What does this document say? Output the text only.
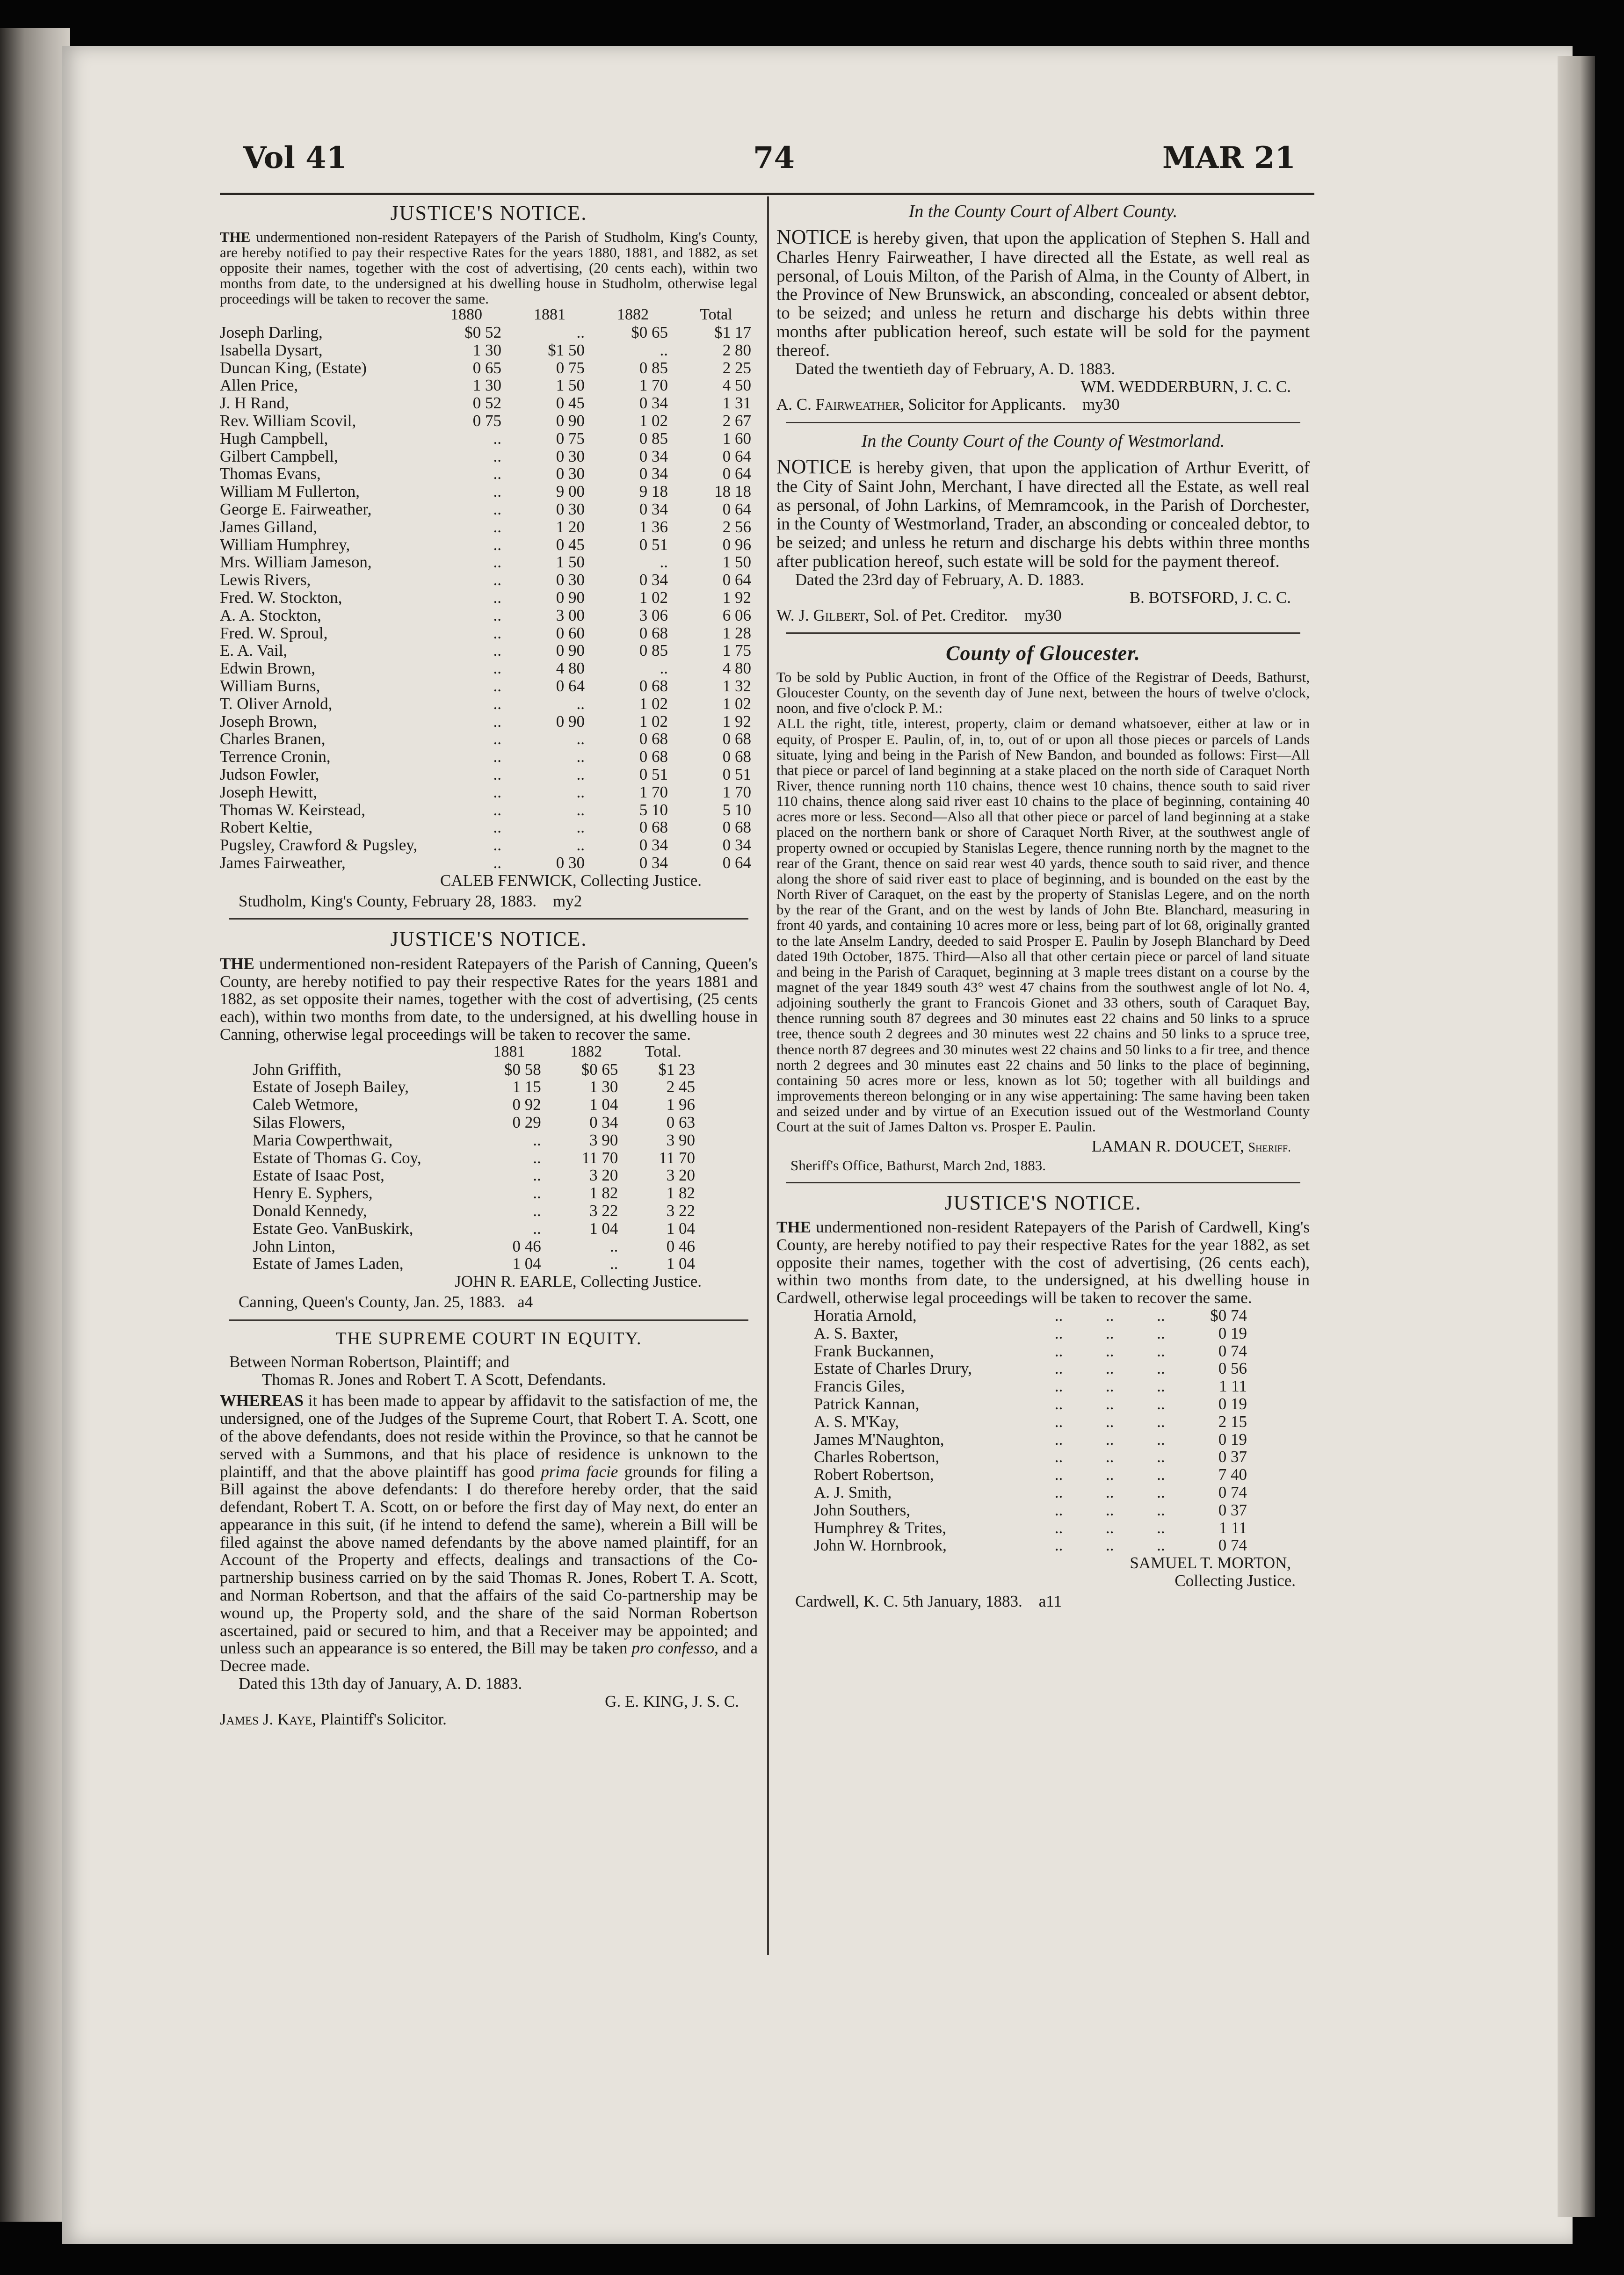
Vol 41	74	MAR 21
JUSTICE'S NOTICE.

THE undermentioned non-resident Ratepayers of the Parish of Studholm, King's County, are hereby notified to pay their respective Rates for the years 1880, 1881, and 1882, as set opposite their names, together with the cost of advertising, (20 cents each), within two months from date, to the undersigned at his dwelling house in Studholm, otherwise legal proceedings will be taken to recover the same.

	1880	1881	1882	Total
Joseph Darling,	$0 52	..	$0 65	$1 17
Isabella Dysart,	1 30	$1 50	..	2 80
Duncan King, (Estate)	0 65	0 75	0 85	2 25
Allen Price,	1 30	1 50	1 70	4 50
J. H Rand,	0 52	0 45	0 34	1 31
Rev. William Scovil,	0 75	0 90	1 02	2 67
Hugh Campbell,	..	0 75	0 85	1 60
Gilbert Campbell,	..	0 30	0 34	0 64
Thomas Evans,	..	0 30	0 34	0 64
William M Fullerton,	..	9 00	9 18	18 18
George E. Fairweather,	..	0 30	0 34	0 64
James Gilland,	..	1 20	1 36	2 56
William Humphrey,	..	0 45	0 51	0 96
Mrs. William Jameson,	..	1 50	..	1 50
Lewis Rivers,	..	0 30	0 34	0 64
Fred. W. Stockton,	..	0 90	1 02	1 92
A. A. Stockton,	..	3 00	3 06	6 06
Fred. W. Sproul,	..	0 60	0 68	1 28
E. A. Vail,	..	0 90	0 85	1 75
Edwin Brown,	..	4 80	..	4 80
William Burns,	..	0 64	0 68	1 32
T. Oliver Arnold,	..	..	1 02	1 02
Joseph Brown,	..	0 90	1 02	1 92
Charles Branen,	..	..	0 68	0 68
Terrence Cronin,	..	..	0 68	0 68
Judson Fowler,	..	..	0 51	0 51
Joseph Hewitt,	..	..	1 70	1 70
Thomas W. Keirstead,	..	..	5 10	5 10
Robert Keltie,	..	..	0 68	0 68
Pugsley, Crawford & Pugsley,	..	..	0 34	0 34
James Fairweather,	..	0 30	0 34	0 64
CALEB FENWICK, Collecting Justice.
Studholm, King's County, February 28, 1883. my2
JUSTICE'S NOTICE.

THE undermentioned non-resident Ratepayers of the Parish of Canning, Queen's County, are hereby notified to pay their respective Rates for the years 1881 and 1882, as set opposite their names, together with the cost of advertising, (25 cents each), within two months from date, to the undersigned, at his dwelling house in Canning, otherwise legal proceedings will be taken to recover the same.

	1881	1882	Total.
John Griffith,	$0 58	$0 65	$1 23
Estate of Joseph Bailey,	1 15	1 30	2 45
Caleb Wetmore,	0 92	1 04	1 96
Silas Flowers,	0 29	0 34	0 63
Maria Cowperthwait,	..	3 90	3 90
Estate of Thomas G. Coy,	..	11 70	11 70
Estate of Isaac Post,	..	3 20	3 20
Henry E. Syphers,	..	1 82	1 82
Donald Kennedy,	..	3 22	3 22
Estate Geo. VanBuskirk,	..	1 04	1 04
John Linton,	0 46	..	0 46
Estate of James Laden,	1 04	..	1 04
JOHN R. EARLE, Collecting Justice.
Canning, Queen's County, Jan. 25, 1883. a4
THE SUPREME COURT IN EQUITY.
Between Norman Robertson, Plaintiff; and
Thomas R. Jones and Robert T. A Scott, Defendants.

WHEREAS it has been made to appear by affidavit to the satisfaction of me, the undersigned, one of the Judges of the Supreme Court, that Robert T. A. Scott, one of the above defendants, does not reside within the Province, so that he cannot be served with a Summons, and that his place of residence is unknown to the plaintiff, and that the above plaintiff has good prima facie grounds for filing a Bill against the above defendants: I do therefore hereby order, that the said defendant, Robert T. A. Scott, on or before the first day of May next, do enter an appearance in this suit, (if he intend to defend the same), wherein a Bill will be filed against the above named defendants by the above named plaintiff, for an Account of the Property and effects, dealings and transactions of the Co-partnership business carried on by the said Thomas R. Jones, Robert T. A. Scott, and Norman Robertson, and that the affairs of the said Co-partnership may be wound up, the Property sold, and the share of the said Norman Robertson ascertained, paid or secured to him, and that a Receiver may be appointed; and unless such an appearance is so entered, the Bill may be taken pro confesso, and a Decree made.

Dated this 13th day of January, A. D. 1883.

G. E. KING, J. S. C.
James J. Kaye, Plaintiff's Solicitor.
In the County Court of Albert County.

NOTICE is hereby given, that upon the application of Stephen S. Hall and Charles Henry Fairweather, I have directed all the Estate, as well real as personal, of Louis Milton, of the Parish of Alma, in the County of Albert, in the Province of New Brunswick, an absconding, concealed or absent debtor, to be seized; and unless he return and discharge his debts within three months after publication hereof, such estate will be sold for the payment thereof.

Dated the twentieth day of February, A. D. 1883.

WM. WEDDERBURN, J. C. C.
A. C. Fairweather, Solicitor for Applicants. my30
In the County Court of the County of Westmorland.

NOTICE is hereby given, that upon the application of Arthur Everitt, of the City of Saint John, Merchant, I have directed all the Estate, as well real as personal, of John Larkins, of Memramcook, in the Parish of Dorchester, in the County of Westmorland, Trader, an absconding or concealed debtor, to be seized; and unless he return and discharge his debts within three months after publication hereof, such estate will be sold for the payment thereof.

Dated the 23rd day of February, A. D. 1883.

B. BOTSFORD, J. C. C.
W. J. Gilbert, Sol. of Pet. Creditor. my30
County of Gloucester.

To be sold by Public Auction, in front of the Office of the Registrar of Deeds, Bathurst, Gloucester County, on the seventh day of June next, between the hours of twelve o'clock, noon, and five o'clock P. M.:

ALL the right, title, interest, property, claim or demand whatsoever, either at law or in equity, of Prosper E. Paulin, of, in, to, out of or upon all those pieces or parcels of Lands situate, lying and being in the Parish of New Bandon, and bounded as follows: First—All that piece or parcel of land beginning at a stake placed on the north side of Caraquet North River, thence running north 110 chains, thence west 10 chains, thence south to said river 110 chains, thence along said river east 10 chains to the place of beginning, containing 40 acres more or less. Second—Also all that other piece or parcel of land beginning at a stake placed on the northern bank or shore of Caraquet North River, at the southwest angle of property owned or occupied by Stanislas Legere, thence running north by the magnet to the rear of the Grant, thence on said rear west 40 yards, thence south to said river, and thence along the shore of said river east to place of beginning, and is bounded on the east by the North River of Caraquet, on the east by the property of Stanislas Legere, and on the north by the rear of the Grant, and on the west by lands of John Bte. Blanchard, measuring in front 40 yards, and containing 10 acres more or less, being part of lot 68, originally granted to the late Anselm Landry, deeded to said Prosper E. Paulin by Joseph Blanchard by Deed dated 19th October, 1875. Third—Also all that other certain piece or parcel of land situate and being in the Parish of Caraquet, beginning at 3 maple trees distant on a course by the magnet of the year 1849 south 43° west 47 chains from the southwest angle of lot No. 4, adjoining southerly the grant to Francois Gionet and 33 others, south of Caraquet Bay, thence running south 87 degrees and 30 minutes east 22 chains and 50 links to a spruce tree, thence south 2 degrees and 30 minutes west 22 chains and 50 links to a spruce tree, thence north 87 degrees and 30 minutes west 22 chains and 50 links to a fir tree, and thence north 2 degrees and 30 minutes east 22 chains and 50 links to the place of beginning, containing 50 acres more or less, known as lot 50; together with all buildings and improvements thereon belonging or in any wise appertaining: The same having been taken and seized under and by virtue of an Execution issued out of the Westmorland County Court at the suit of James Dalton vs. Prosper E. Paulin.

LAMAN R. DOUCET, Sheriff.
Sheriff's Office, Bathurst, March 2nd, 1883.
JUSTICE'S NOTICE.

THE undermentioned non-resident Ratepayers of the Parish of Cardwell, King's County, are hereby notified to pay their respective Rates for the year 1882, as set opposite their names, together with the cost of advertising, (26 cents each), within two months from date, to the undersigned, at his dwelling house in Cardwell, otherwise legal proceedings will be taken to recover the same.

Horatia Arnold,	..	..	..	$0 74
A. S. Baxter,	..	..	..	0 19
Frank Buckannen,	..	..	..	0 74
Estate of Charles Drury,	..	..	..	0 56
Francis Giles,	..	..	..	1 11
Patrick Kannan,	..	..	..	0 19
A. S. M'Kay,	..	..	..	2 15
James M'Naughton,	..	..	..	0 19
Charles Robertson,	..	..	..	0 37
Robert Robertson,	..	..	..	7 40
A. J. Smith,	..	..	..	0 74
John Southers,	..	..	..	0 37
Humphrey & Trites,	..	..	..	1 11
John W. Hornbrook,	..	..	..	0 74
SAMUEL T. MORTON,
Collecting Justice.
Cardwell, K. C. 5th January, 1883. a11
